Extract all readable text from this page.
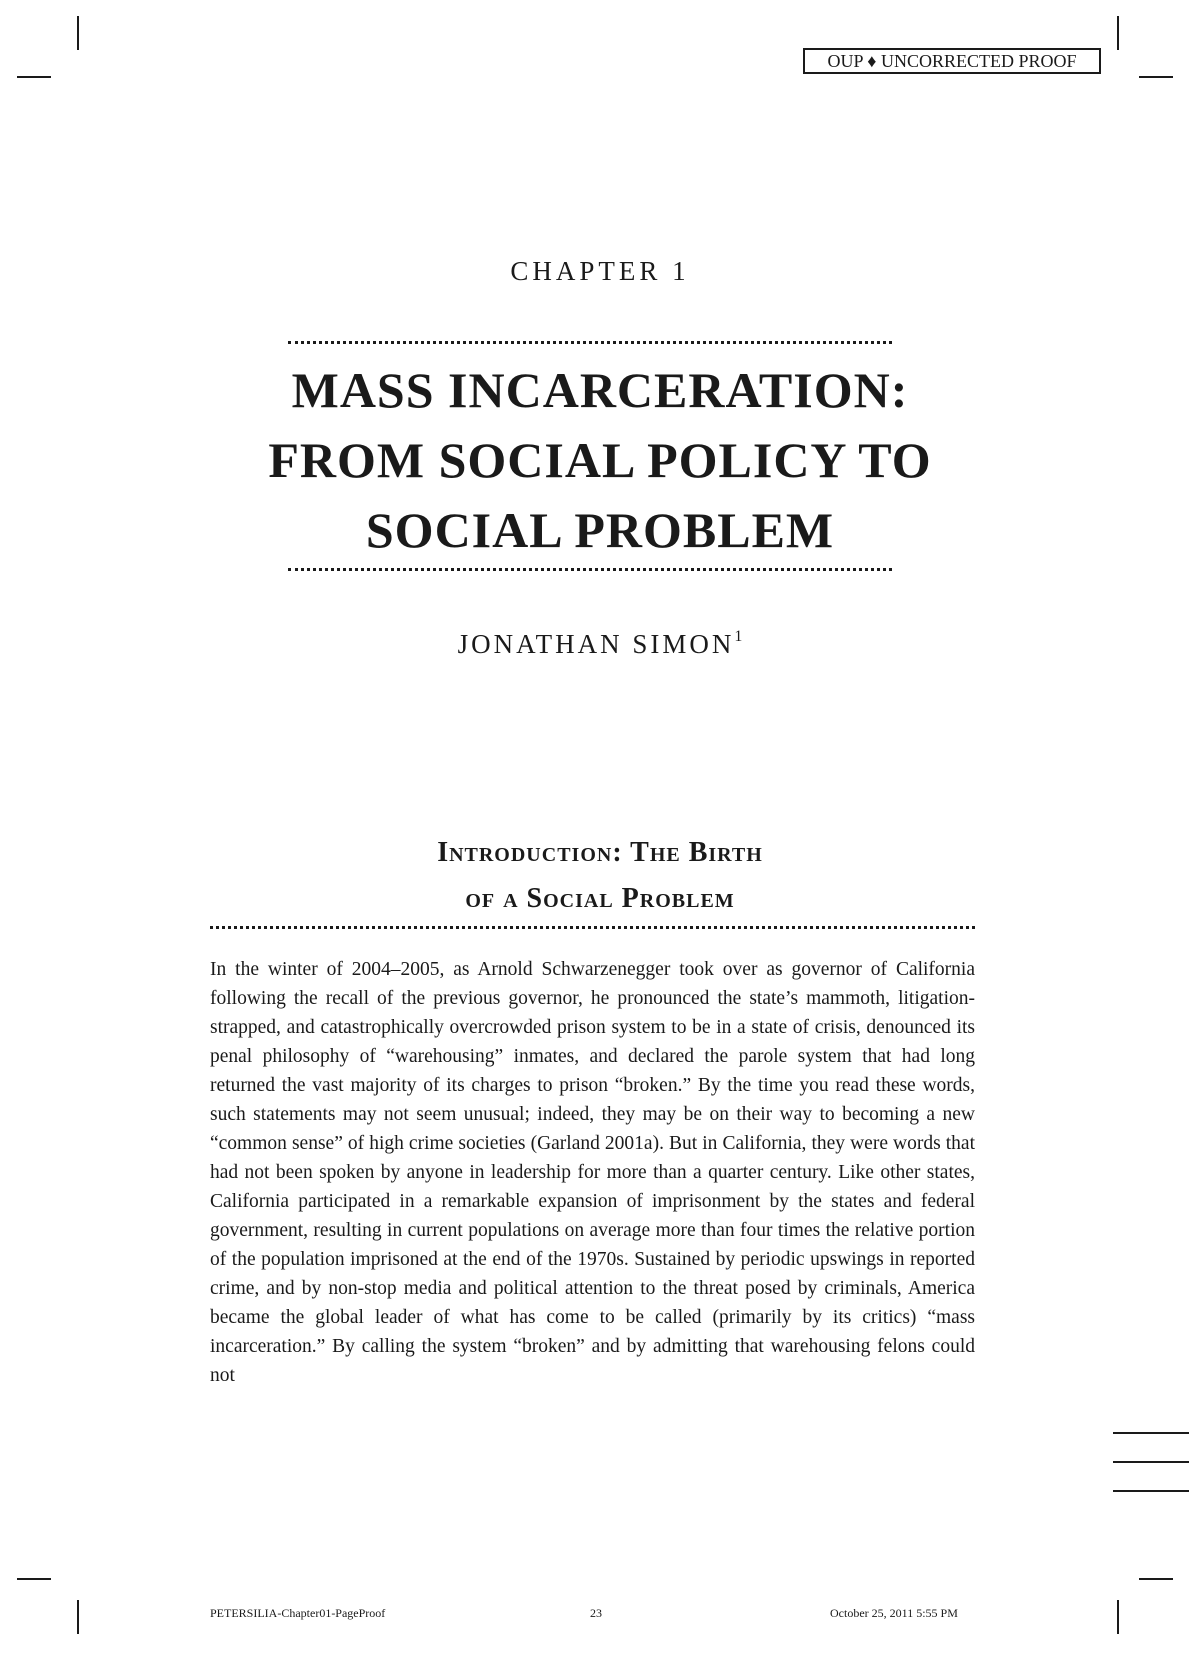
OUP ♦ UNCORRECTED PROOF
CHAPTER 1
MASS INCARCERATION:
FROM SOCIAL POLICY TO
SOCIAL PROBLEM
JONATHAN SIMON$^1$
Introduction: The Birth
of a Social Problem
In the winter of 2004–2005, as Arnold Schwarzenegger took over as governor of California following the recall of the previous governor, he pronounced the state’s mammoth, litigation-strapped, and catastrophically overcrowded prison system to be in a state of crisis, denounced its penal philosophy of “warehousing” inmates, and declared the parole system that had long returned the vast majority of its charges to prison “broken.” By the time you read these words, such statements may not seem unusual; indeed, they may be on their way to becoming a new “common sense” of high crime societies (Garland 2001a). But in California, they were words that had not been spoken by anyone in leadership for more than a quarter century. Like other states, California participated in a remarkable expansion of imprisonment by the states and federal government, resulting in current populations on average more than four times the relative portion of the population imprisoned at the end of the 1970s. Sustained by periodic upswings in reported crime, and by non-stop media and political attention to the threat posed by criminals, America became the global leader of what has come to be called (primarily by its critics) “mass incarceration.” By calling the system “broken” and by admitting that warehousing felons could not
PETERSILIA-Chapter01-PageProof	23	October 25, 2011 5:55 PM
